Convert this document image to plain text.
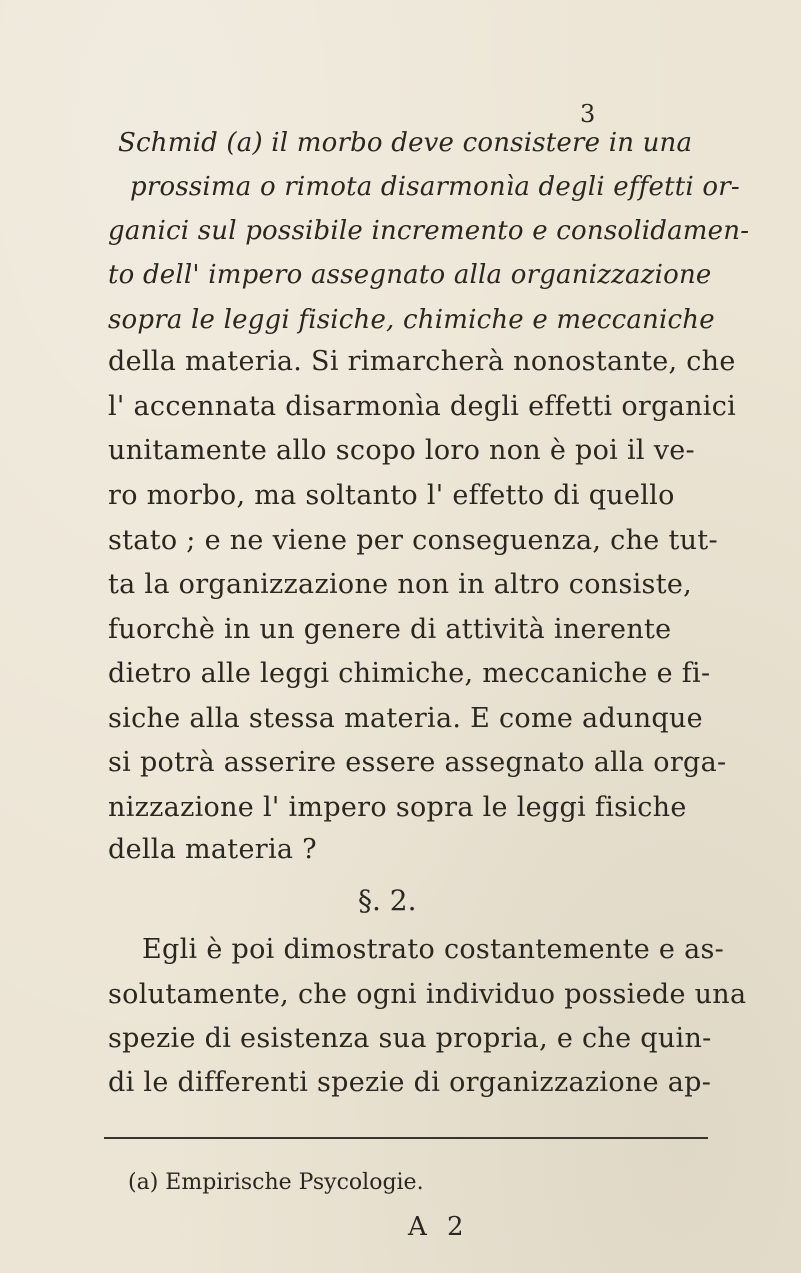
3
Schmid (a) il morbo deve consistere in una
prossima o rimota disarmonìa degli effetti or-
ganici sul possibile incremento e consolidamen-
to dell' impero assegnato alla organizzazione
sopra le leggi fisiche, chimiche e meccaniche
della materia. Si rimarcherà nonostante, che
l' accennata disarmonìa degli effetti organici
unitamente allo scopo loro non è poi il ve-
ro morbo, ma soltanto l' effetto di quello
stato ; e ne viene per conseguenza, che tut-
ta la organizzazione non in altro consiste,
fuorchè in un genere di attività inerente
dietro alle leggi chimiche, meccaniche e fi-
siche alla stessa materia. E come adunque
si potrà asserire essere assegnato alla orga-
nizzazione l' impero sopra le leggi fisiche
della materia ?
§. 2.
Egli è poi dimostrato costantemente e as-
solutamente, che ogni individuo possiede una
spezie di esistenza sua propria, e che quin-
di le differenti spezie di organizzazione ap-
(a) Empirische Psycologie.
A 2
